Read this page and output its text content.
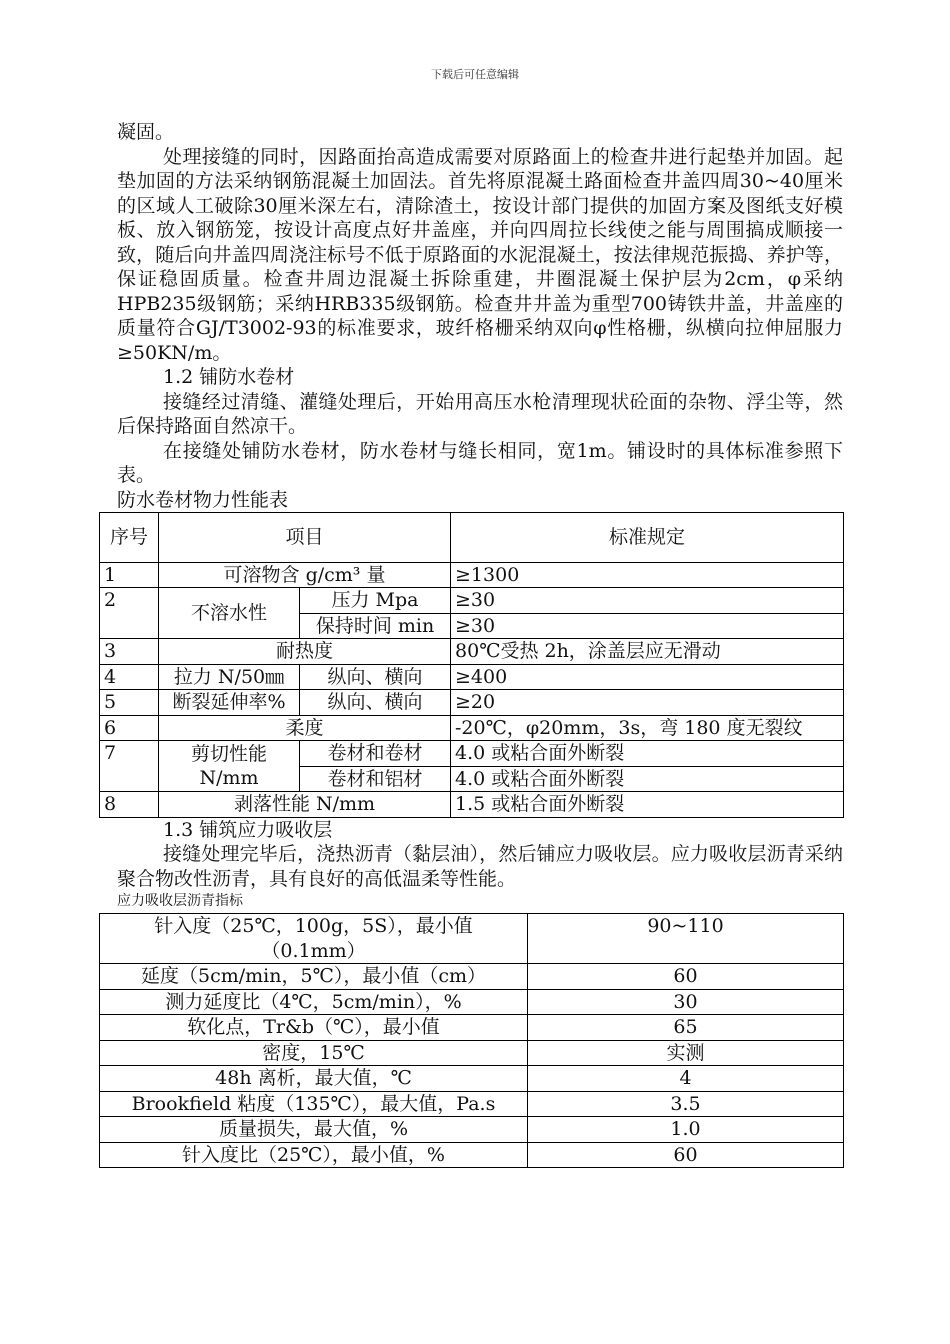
下载后可任意编辑

凝固。

处理接缝的同时，因路面抬高造成需要对原路面上的检查井进行起垫并加固。起垫加固的方法采纳钢筋混凝土加固法。首先将原混凝土路面检查井盖四周30~40厘米的区域人工破除30厘米深左右，清除渣土，按设计部门提供的加固方案及图纸支好模板、放入钢筋笼，按设计高度点好井盖座，并向四周拉长线使之能与周围搞成顺接一致，随后向井盖四周浇注标号不低于原路面的水泥混凝土，按法律规范振捣、养护等，保证稳固质量。检查井周边混凝土拆除重建，井圈混凝土保护层为2cm，φ采纳HPB235级钢筋；采纳HRB335级钢筋。检查井井盖为重型700铸铁井盖，井盖座的质量符合GJ/T3002-93的标准要求，玻纤格栅采纳双向φ性格栅，纵横向拉伸屈服力≥50KN/m。

1.2 铺防水卷材

接缝经过清缝、灌缝处理后，开始用高压水枪清理现状砼面的杂物、浮尘等，然后保持路面自然凉干。

在接缝处铺防水卷材，防水卷材与缝长相同，宽1m。铺设时的具体标准参照下表。

防水卷材物力性能表

序号	项目		标准规定
1	可溶物含 g/cm³ 量		≥1300
2	不溶水性	压力 Mpa	≥30
		保持时间 min	≥30
3	耐热度		80℃受热 2h，涂盖层应无滑动
4	拉力 N/50㎜	纵向、横向	≥400
5	断裂延伸率%	纵向、横向	≥20
6	柔度		-20℃，φ20mm，3s，弯 180 度无裂纹
7	剪切性能 N/mm	卷材和卷材	4.0 或粘合面外断裂
		卷材和铝材	4.0 或粘合面外断裂
8	剥落性能 N/mm		1.5 或粘合面外断裂

1.3 铺筑应力吸收层

接缝处理完毕后，浇热沥青（黏层油），然后铺应力吸收层。应力吸收层沥青采纳聚合物改性沥青，具有良好的高低温柔等性能。

应力吸收层沥青指标

针入度（25℃，100g，5S），最小值（0.1mm）	90~110
延度（5cm/min，5℃），最小值（cm）	60
测力延度比（4℃，5cm/min），%	30
软化点，Tr&b（℃），最小值	65
密度，15℃	实测
48h 离析，最大值，℃	4
Brookfield 粘度（135℃），最大值，Pa.s	3.5
质量损失，最大值，%	1.0
针入度比（25℃），最小值，%	60
